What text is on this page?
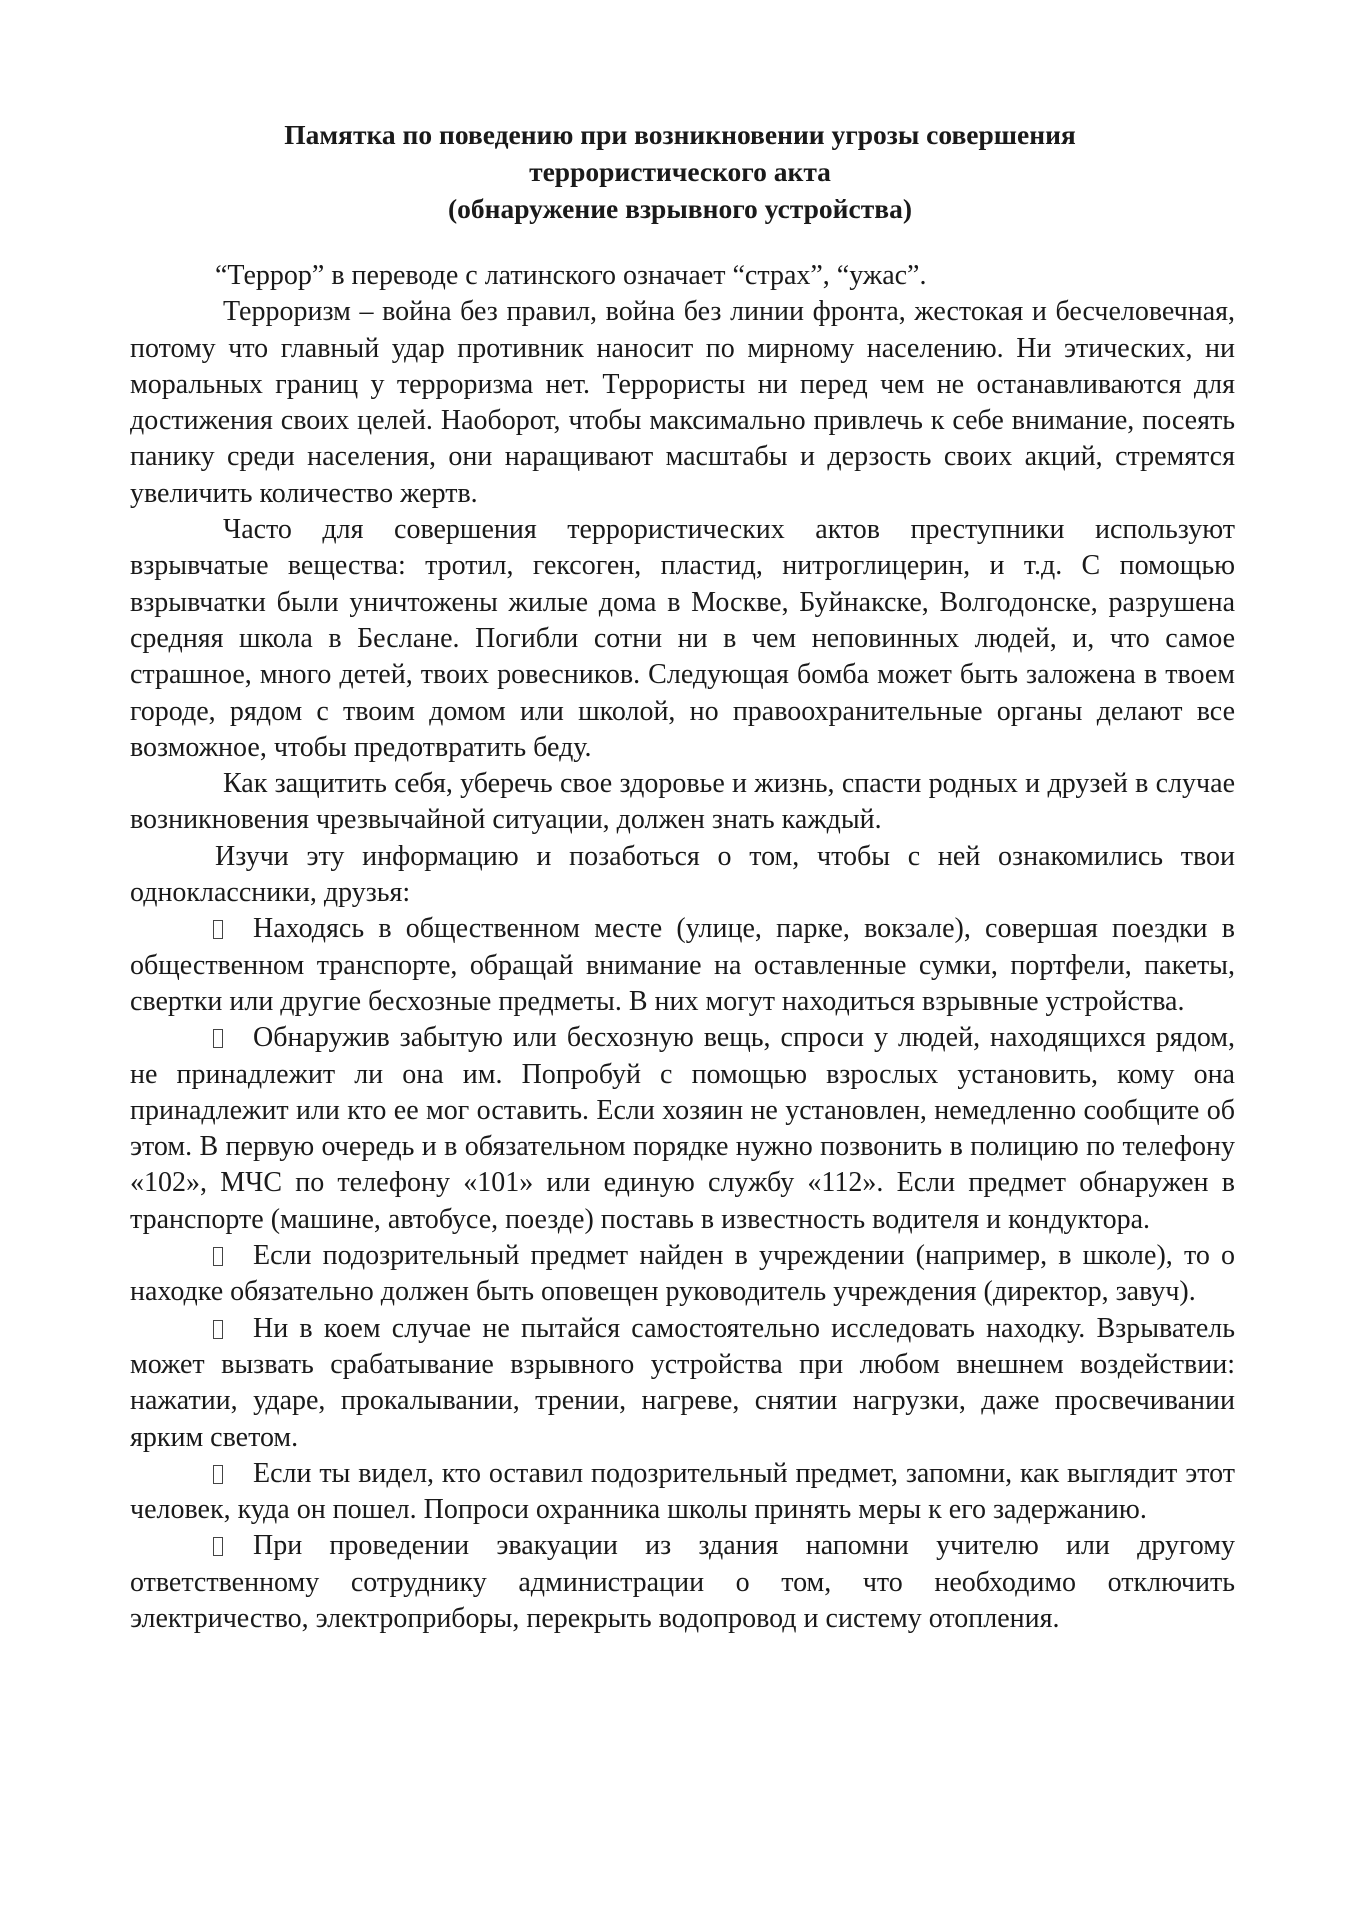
Памятка по поведению при возникновении угрозы совершения
террористического акта
(обнаружение взрывного устройства)

“Террор” в переводе с латинского означает “страх”, “ужас”.

Терроризм – война без правил, война без линии фронта, жестокая и бесчеловечная, потому что главный удар противник наносит по мирному населению. Ни этических, ни моральных границ у терроризма нет. Террористы ни перед чем не останавливаются для достижения своих целей. Наоборот, чтобы максимально привлечь к себе внимание, посеять панику среди населения, они наращивают масштабы и дерзость своих акций, стремятся увеличить количество жертв.

Часто для совершения террористических актов преступники используют взрывчатые вещества: тротил, гексоген, пластид, нитроглицерин, и т.д. С помощью взрывчатки были уничтожены жилые дома в Москве, Буйнакске, Волгодонске, разрушена средняя школа в Беслане. Погибли сотни ни в чем неповинных людей, и, что самое страшное, много детей, твоих ровесников. Следующая бомба может быть заложена в твоем городе, рядом с твоим домом или школой, но правоохранительные органы делают все возможное, чтобы предотвратить беду.

Как защитить себя, уберечь свое здоровье и жизнь, спасти родных и друзей в случае возникновения чрезвычайной ситуации, должен знать каждый.

Изучи эту информацию и позаботься о том, чтобы с ней ознакомились твои одноклассники, друзья:

Находясь в общественном месте (улице, парке, вокзале), совершая поездки в общественном транспорте, обращай внимание на оставленные сумки, портфели, пакеты, свертки или другие бесхозные предметы. В них могут находиться взрывные устройства.

Обнаружив забытую или бесхозную вещь, спроси у людей, находящихся рядом, не принадлежит ли она им. Попробуй с помощью взрослых установить, кому она принадлежит или кто ее мог оставить. Если хозяин не установлен, немедленно сообщите об этом. В первую очередь и в обязательном порядке нужно позвонить в полицию по телефону «102», МЧС по телефону «101» или единую службу «112». Если предмет обнаружен в транспорте (машине, автобусе, поезде) поставь в известность водителя и кондуктора.

Если подозрительный предмет найден в учреждении (например, в школе), то о находке обязательно должен быть оповещен руководитель учреждения (директор, завуч).

Ни в коем случае не пытайся самостоятельно исследовать находку. Взрыватель может вызвать срабатывание взрывного устройства при любом внешнем воздействии: нажатии, ударе, прокалывании, трении, нагреве, снятии нагрузки, даже просвечивании ярким светом.

Если ты видел, кто оставил подозрительный предмет, запомни, как выглядит этот человек, куда он пошел. Попроси охранника школы принять меры к его задержанию.

При проведении эвакуации из здания напомни учителю или другому ответственному сотруднику администрации о том, что необходимо отключить электричество, электроприборы, перекрыть водопровод и систему отопления.
